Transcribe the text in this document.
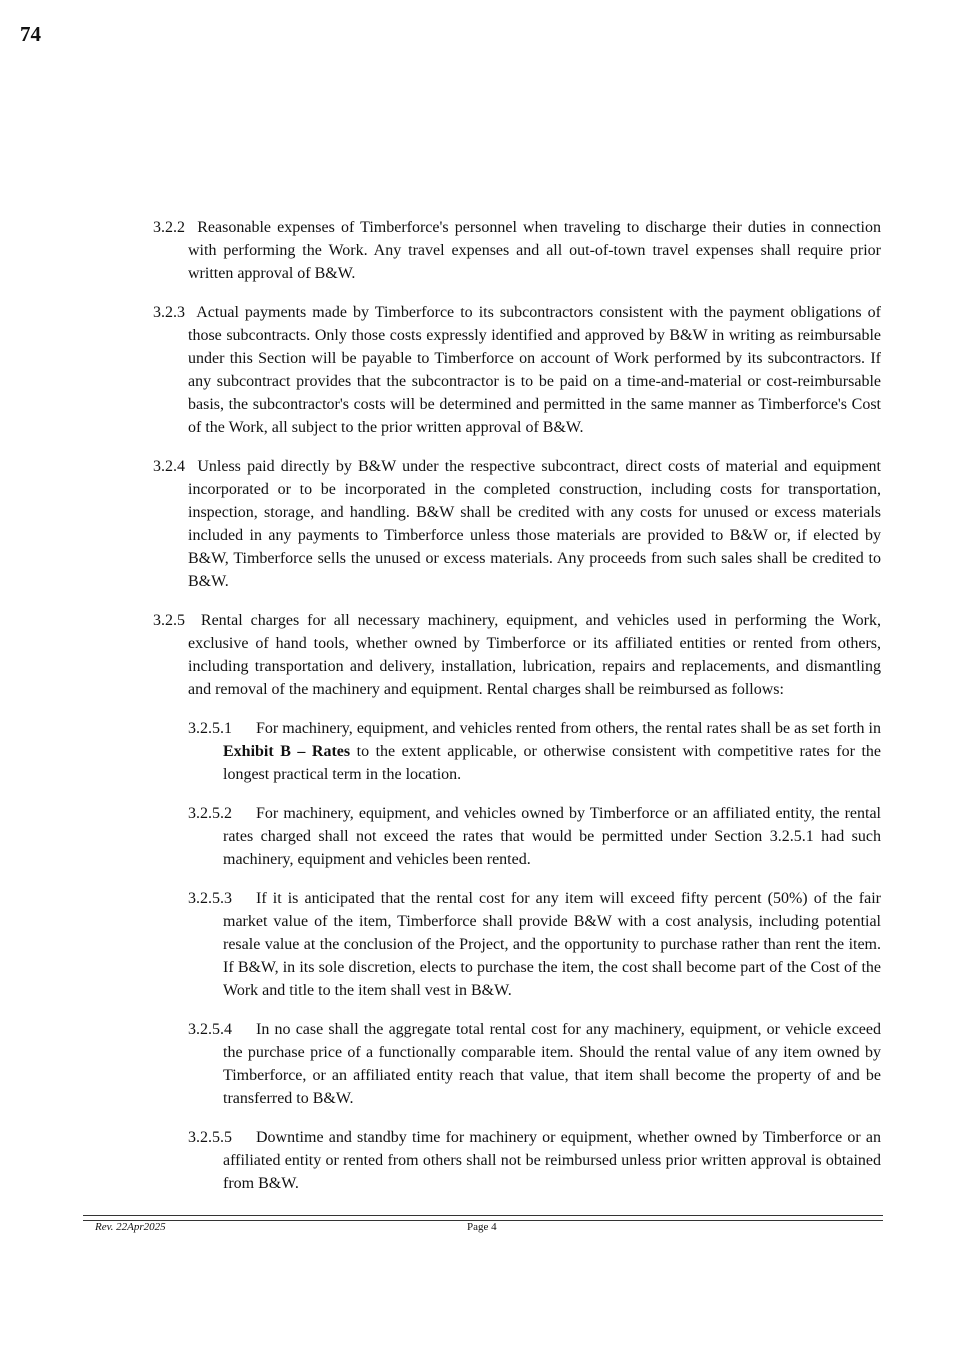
74

3.2.2 Reasonable expenses of Timberforce's personnel when traveling to discharge their duties in connection with performing the Work. Any travel expenses and all out-of-town travel expenses shall require prior written approval of B&W.

3.2.3 Actual payments made by Timberforce to its subcontractors consistent with the payment obligations of those subcontracts. Only those costs expressly identified and approved by B&W in writing as reimbursable under this Section will be payable to Timberforce on account of Work performed by its subcontractors. If any subcontract provides that the subcontractor is to be paid on a time-and-material or cost-reimbursable basis, the subcontractor's costs will be determined and permitted in the same manner as Timberforce's Cost of the Work, all subject to the prior written approval of B&W.

3.2.4 Unless paid directly by B&W under the respective subcontract, direct costs of material and equipment incorporated or to be incorporated in the completed construction, including costs for transportation, inspection, storage, and handling. B&W shall be credited with any costs for unused or excess materials included in any payments to Timberforce unless those materials are provided to B&W or, if elected by B&W, Timberforce sells the unused or excess materials. Any proceeds from such sales shall be credited to B&W.

3.2.5 Rental charges for all necessary machinery, equipment, and vehicles used in performing the Work, exclusive of hand tools, whether owned by Timberforce or its affiliated entities or rented from others, including transportation and delivery, installation, lubrication, repairs and replacements, and dismantling and removal of the machinery and equipment. Rental charges shall be reimbursed as follows:

3.2.5.1 For machinery, equipment, and vehicles rented from others, the rental rates shall be as set forth in Exhibit B – Rates to the extent applicable, or otherwise consistent with competitive rates for the longest practical term in the location.

3.2.5.2 For machinery, equipment, and vehicles owned by Timberforce or an affiliated entity, the rental rates charged shall not exceed the rates that would be permitted under Section 3.2.5.1 had such machinery, equipment and vehicles been rented.

3.2.5.3 If it is anticipated that the rental cost for any item will exceed fifty percent (50%) of the fair market value of the item, Timberforce shall provide B&W with a cost analysis, including potential resale value at the conclusion of the Project, and the opportunity to purchase rather than rent the item. If B&W, in its sole discretion, elects to purchase the item, the cost shall become part of the Cost of the Work and title to the item shall vest in B&W.

3.2.5.4 In no case shall the aggregate total rental cost for any machinery, equipment, or vehicle exceed the purchase price of a functionally comparable item. Should the rental value of any item owned by Timberforce, or an affiliated entity reach that value, that item shall become the property of and be transferred to B&W.

3.2.5.5 Downtime and standby time for machinery or equipment, whether owned by Timberforce or an affiliated entity or rented from others shall not be reimbursed unless prior written approval is obtained from B&W.

Rev. 22Apr2025	Page 4
